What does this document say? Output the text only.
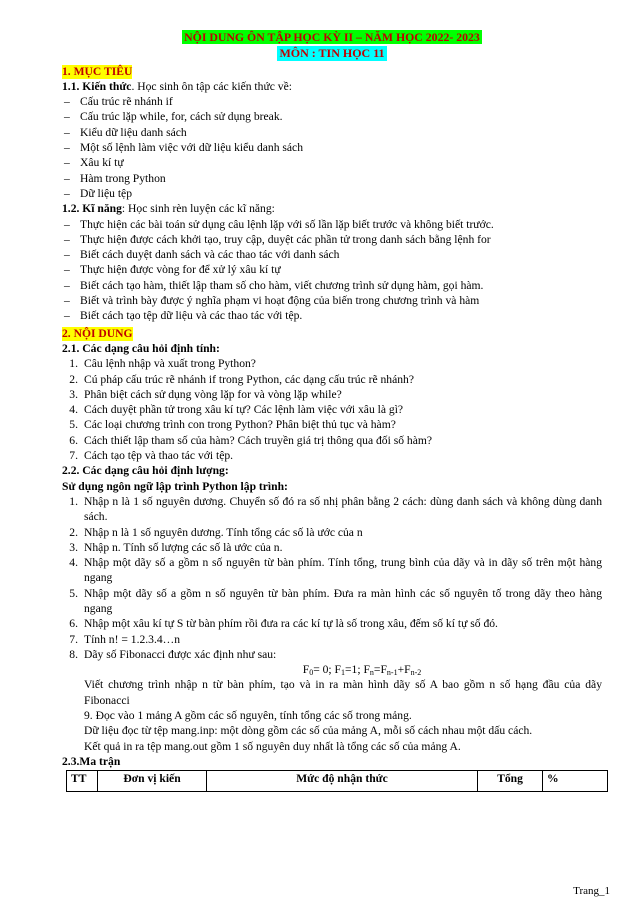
NỘI DUNG ÔN TẬP HỌC KỲ II – NĂM HỌC 2022- 2023
MÔN : TIN HỌC 11
1. MỤC TIÊU
1.1. Kiến thức. Học sinh ôn tập các kiến thức về:
– Cấu trúc rẽ nhánh if
– Cấu trúc lặp while, for, cách sử dụng break.
– Kiểu dữ liệu danh sách
– Một số lệnh làm việc với dữ liệu kiểu danh sách
– Xâu kí tự
– Hàm trong Python
– Dữ liệu tệp
1.2. Kĩ năng: Học sinh rèn luyện các kĩ năng:
– Thực hiện các bài toán sử dụng câu lệnh lặp với số lần lặp biết trước và không biết trước.
– Thực hiện được cách khởi tạo, truy cập, duyệt các phần tử trong danh sách bằng lệnh for
– Biết cách duyệt danh sách và các thao tác với danh sách
– Thực hiện được vòng for để xử lý xâu kí tự
– Biết cách tạo hàm, thiết lập tham số cho hàm, viết chương trình sử dụng hàm, gọi hàm.
– Biết và trình bày được ý nghĩa phạm vi hoạt động của biến trong chương trình và hàm
– Biết cách tạo tệp dữ liệu và các thao tác với tệp.
2. NỘI DUNG
2.1. Các dạng câu hỏi định tính:
1. Câu lệnh nhập và xuất trong Python?
2. Cú pháp cấu trúc rẽ nhánh if trong Python, các dạng cấu trúc rẽ nhánh?
3. Phân biệt cách sử dụng vòng lặp for và vòng lặp while?
4. Cách duyệt phần tử trong xâu kí tự? Các lệnh làm việc với xâu là gì?
5. Các loại chương trình con trong Python? Phân biệt thủ tục và hàm?
6. Cách thiết lập tham số của hàm? Cách truyền giá trị thông qua đối số hàm?
7. Cách tạo tệp và thao tác với tệp.
2.2. Các dạng câu hỏi định lượng:
Sử dụng ngôn ngữ lập trình Python lập trình:
1. Nhập n là 1 số nguyên dương. Chuyển số đó ra số nhị phân bằng 2 cách: dùng danh sách và không dùng danh sách.
2. Nhập n là 1 số nguyên dương. Tính tổng các số là ước của n
3. Nhập n. Tính số lượng các số là ước của n.
4. Nhập một dãy số a gồm n số nguyên từ bàn phím. Tính tổng, trung bình của dãy và in dãy số trên một hàng ngang
5. Nhập một dãy số a gồm n số nguyên từ bàn phím. Đưa ra màn hình các số nguyên tố trong dãy theo hàng ngang
6. Nhập một xâu kí tự S từ bàn phím rồi đưa ra các kí tự là số trong xâu, đếm số kí tự số đó.
7. Tính n! = 1.2.3.4…n
8. Dãy số Fibonacci được xác định như sau:
$F_0= 0$; $F_1=1$; $F_n=F_{n-1}+F_{n-2}$
Viết chương trình nhập n từ bàn phím, tạo và in ra màn hình dãy số A bao gồm n số hạng đầu của dãy Fibonacci
9. Đọc vào 1 mảng A gồm các số nguyên, tính tổng các số trong mảng.
Dữ liệu đọc từ tệp mang.inp: một dòng gồm các số của mảng A, mỗi số cách nhau một dấu cách.
Kết quả in ra tệp mang.out gồm 1 số nguyên duy nhất là tổng các số của mảng A.
2.3.Ma trận
TT	Đơn vị kiến	Mức độ nhận thức	Tổng	%
Trang_1
